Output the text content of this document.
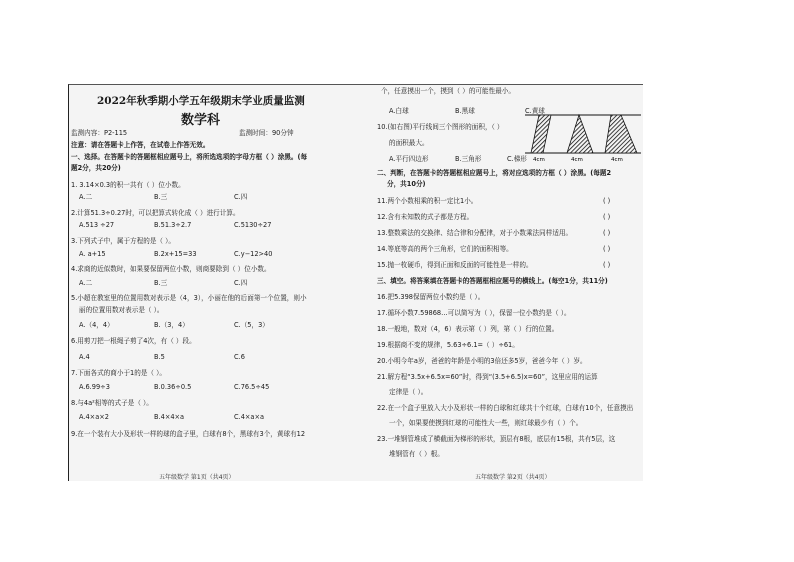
2022年秋季期小学五年级期末学业质量监测
数学科
监测内容：P2-115	监测时间：90分钟
注意：请在答题卡上作答，在试卷上作答无效。
一、选择。在答题卡的答题框相应题号上，将所选选项的字母方框（ ）涂黑。(每
题2分，共20分)
1. 3.14×0.3的积一共有（ ）位小数。
A.二	B.三	C.四
2.计算51.3÷0.27时，可以把算式转化成（ ）进行计算。
A.513 ÷27	B.51.3÷2.7	C.5130÷27
3.下列式子中，属于方程的是（ ）。
A. a+15	B.2x+15=33	C.y−12>40
4.求商的近似数时，如果要保留两位小数，则商要除到（ ）位小数。
A.二	B.三	C.四
5.小超在教室里的位置用数对表示是（4，3），小丽在他的后面第一个位置，则小
丽的位置用数对表示是（ ）。
A.（4，4）	B.（3，4）	C.（5，3）
6.用剪刀把一根绳子剪了4次，有（ ）段。
A.4	B.5	C.6
7.下面各式的商小于1的是（ ）。
A.6.99÷3	B.0.36÷0.5	C.76.5÷45
8.与4a²相等的式子是（ ）。
A.4×a×2	B.4×4×a	C.4×a×a
9.在一个装有大小及形状一样的球的盒子里，白球有8个，黑球有3个，黄球有12
五年级数学 第1页（共4页）
个，任意摸出一个，摸到（ ）的可能性最小。
A.白球	B.黑球	C.黄球
10.(如右图)平行线间三个图形的面积，（ ）
的面积最大。
A.平行四边形	B.三角形	C.梯形 4cm	4cm	4cm
二、判断，在答题卡的答题框相应题号上，将对应选项的方框（ ）涂黑。(每题2
分，共10分)
11.两个小数相乘的积一定比1小。	( )
12.含有未知数的式子都是方程。	( )
13.整数乘法的交换律、结合律和分配律，对于小数乘法同样适用。	( )
14.等底等高的两个三角形，它们的面积相等。	( )
15.抛一枚硬币，得到正面和反面的可能性是一样的。	( )
三、填空。将答案填在答题卡的答题框相应题号的横线上。(每空1分，共11分)
16.把5.398保留两位小数约是（ ）。
17.循环小数7.59868…可以简写为（ ），保留一位小数约是（ ）。
18.一般地，数对（4，6）表示第（ ）列，第（ ）行的位置。
19.根据商不变的规律，5.63÷6.1=（ ）÷61。
20.小明今年a岁，爸爸的年龄是小明的3倍还多5岁，爸爸今年（ ）岁。
21.解方程“3.5x+6.5x=60”时，得到“(3.5+6.5)x=60”，这里应用的运算
定律是（ ）。
22.在一个盒子里放入大小及形状一样的白球和红球共十个红球，白球有10个，任意摸出
一个，如果要使摸到红球的可能性大一些，则红球最少有（ ）个。
23.一堆钢管堆成了横截面为梯形的形状，顶层有8根，底层有15根，共有5层，这
堆钢管有（ ）根。
五年级数学 第2页（共4页）
